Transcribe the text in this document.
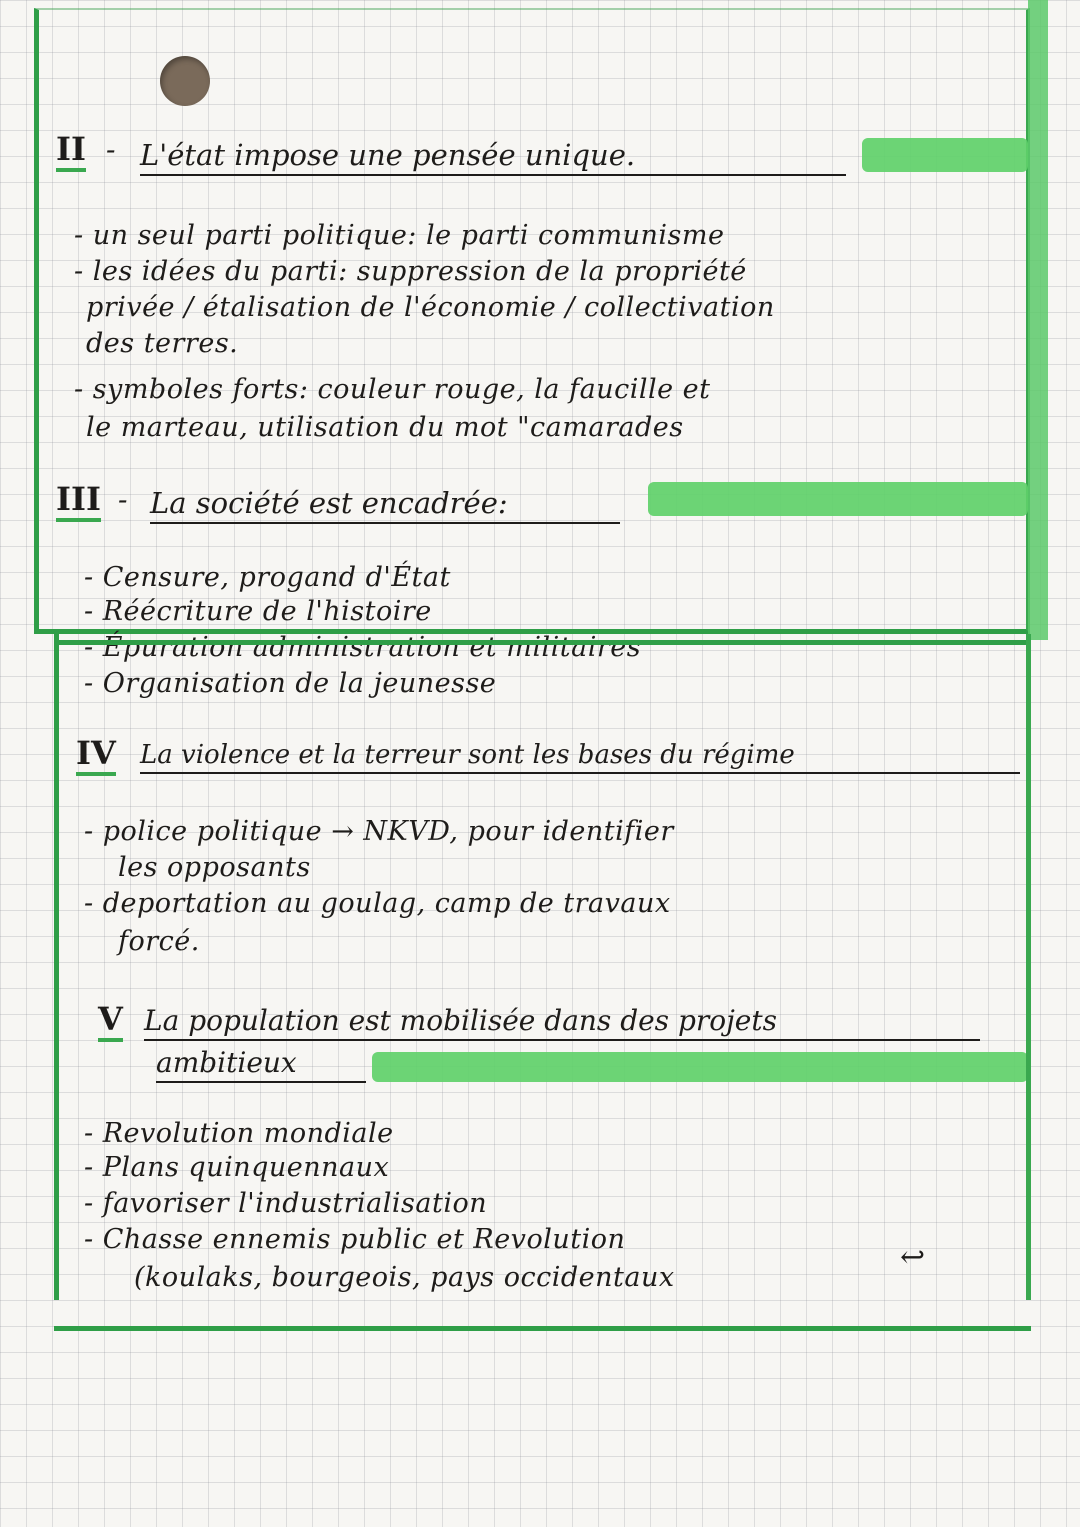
II - L'état impose une pensée unique.
- un seul parti politique: le parti communisme
- les idées du parti: suppression de la propriété
privée / étalisation de l'économie / collectivation
des terres.
- symboles forts: couleur rouge, la faucille et
le marteau, utilisation du mot "camarades
III - La société est encadrée:
- Censure, progand d'État
- Réécriture de l'histoire
- Épuration administration et militaires
- Organisation de la jeunesse
IV La violence et la terreur sont les bases du régime
- police politique → NKVD, pour identifier
les opposants
- deportation au goulag, camp de travaux
forcé.
V La population est mobilisée dans des projets
ambitieux
- Revolution mondiale
- Plans quinquennaux
- favoriser l'industrialisation
- Chasse ennemis public et Revolution
(koulaks, bourgeois, pays occidentaux
↩
